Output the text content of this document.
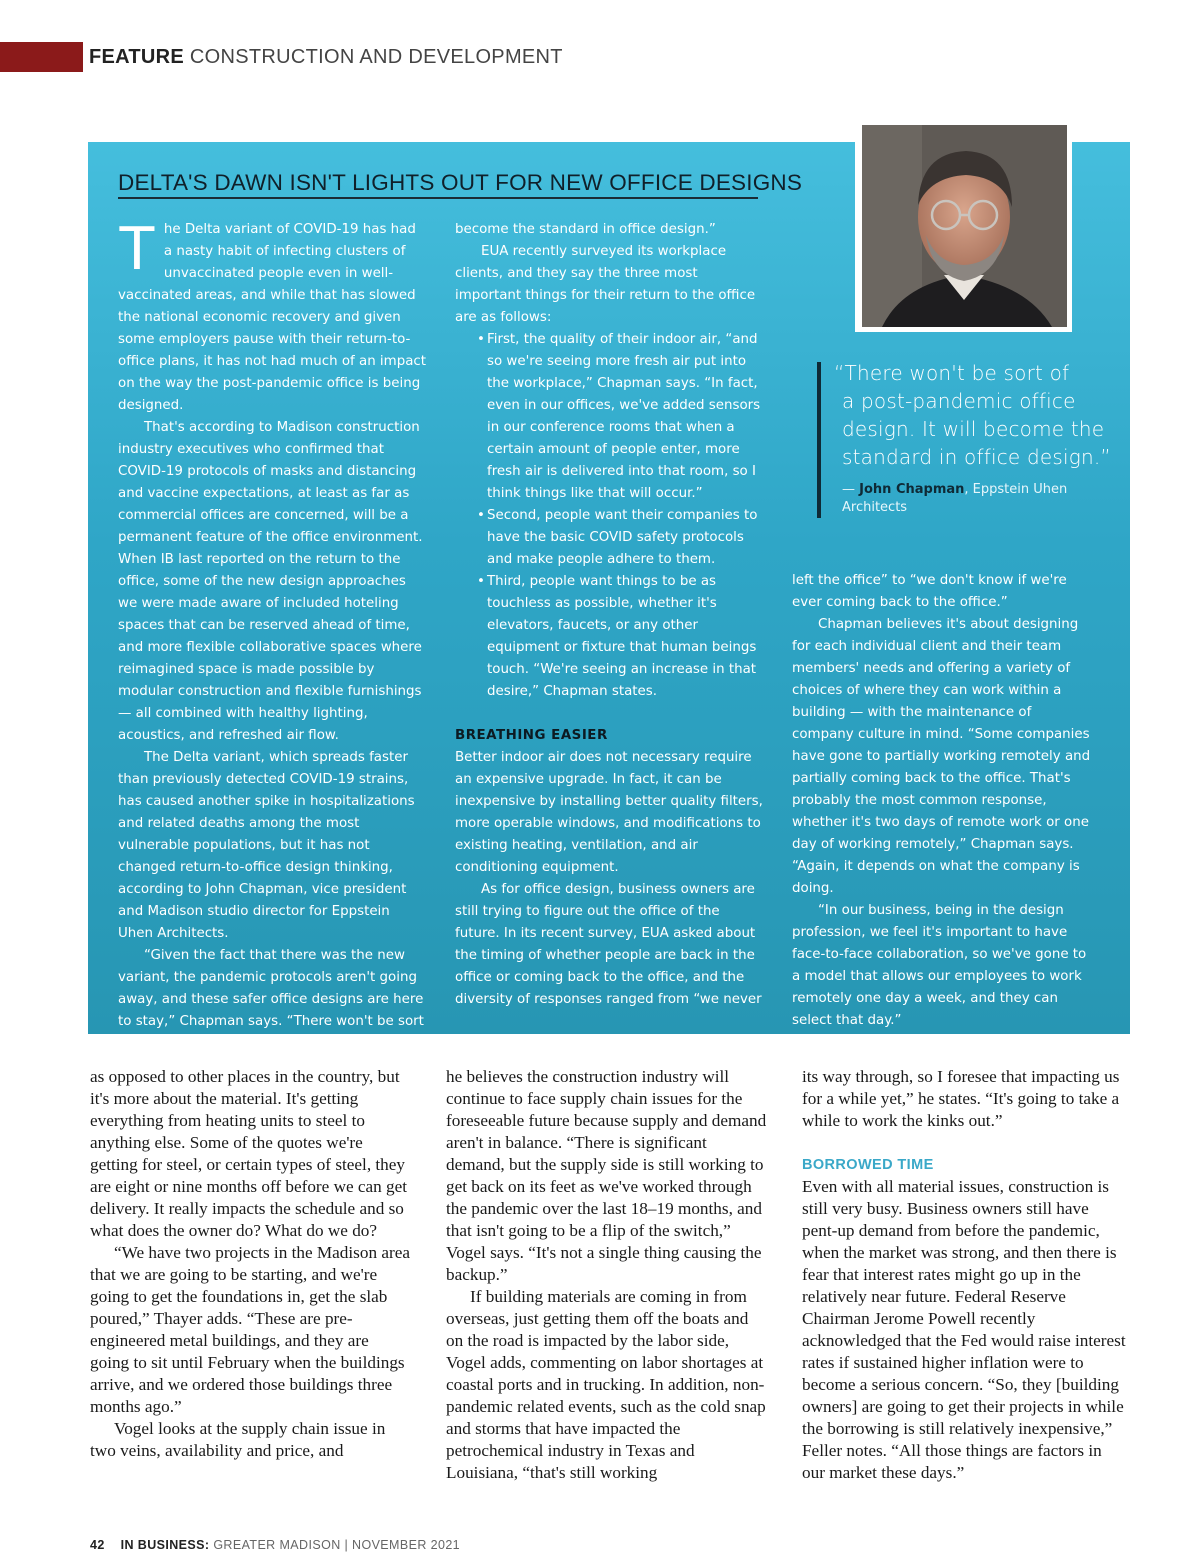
FEATURE CONSTRUCTION AND DEVELOPMENT
DELTA'S DAWN ISN'T LIGHTS OUT FOR NEW OFFICE DESIGNS

The Delta variant of COVID-19 has had a nasty habit of infecting clusters of unvaccinated people even in well-vaccinated areas, and while that has slowed the national economic recovery and given some employers pause with their return-to-office plans, it has not had much of an impact on the way the post-pandemic office is being designed.

That's according to Madison construction industry executives who confirmed that COVID-19 protocols of masks and distancing and vaccine expectations, at least as far as commercial offices are concerned, will be a permanent feature of the office environment. When IB last reported on the return to the office, some of the new design approaches we were made aware of included hoteling spaces that can be reserved ahead of time, and more flexible collaborative spaces where reimagined space is made possible by modular construction and flexible furnishings — all combined with healthy lighting, acoustics, and refreshed air flow.

The Delta variant, which spreads faster than previously detected COVID-19 strains, has caused another spike in hospitalizations and related deaths among the most vulnerable populations, but it has not changed return-to-office design thinking, according to John Chapman, vice president and Madison studio director for Eppstein Uhen Architects.

“Given the fact that there was the new variant, the pandemic protocols aren't going away, and these safer office designs are here to stay,” Chapman says. “There won't be sort of a post-pandemic office design. It will

become the standard in office design.”

EUA recently surveyed its workplace clients, and they say the three most important things for their return to the office are as follows:

• First, the quality of their indoor air, “and so we're seeing more fresh air put into the workplace,” Chapman says. “In fact, even in our offices, we've added sensors in our conference rooms that when a certain amount of people enter, more fresh air is delivered into that room, so I think things like that will occur.”
• Second, people want their companies to have the basic COVID safety protocols and make people adhere to them.
• Third, people want things to be as touchless as possible, whether it's elevators, faucets, or any other equipment or fixture that human beings touch. “We're seeing an increase in that desire,” Chapman states.
BREATHING EASIER

Better indoor air does not necessary require an expensive upgrade. In fact, it can be inexpensive by installing better quality filters, more operable windows, and modifications to existing heating, ventilation, and air conditioning equipment.

As for office design, business owners are still trying to figure out the office of the future. In its recent survey, EUA asked about the timing of whether people are back in the office or coming back to the office, and the diversity of responses ranged from “we never

“There won't be sort of
a post-pandemic office
design. It will become the
standard in office design.”
— John Chapman, Eppstein Uhen Architects

left the office” to “we don't know if we're ever coming back to the office.”

Chapman believes it's about designing for each individual client and their team members' needs and offering a variety of choices of where they can work within a building — with the maintenance of company culture in mind. “Some companies have gone to partially working remotely and partially coming back to the office. That's probably the most common response, whether it's two days of remote work or one day of working remotely,” Chapman says. “Again, it depends on what the company is doing.

“In our business, being in the design profession, we feel it's important to have face-to-face collaboration, so we've gone to a model that allows our employees to work remotely one day a week, and they can select that day.”

as opposed to other places in the country, but it's more about the material. It's getting everything from heating units to steel to anything else. Some of the quotes we're getting for steel, or certain types of steel, they are eight or nine months off before we can get delivery. It really impacts the schedule and so what does the owner do? What do we do?

“We have two projects in the Madison area that we are going to be starting, and we're going to get the foundations in, get the slab poured,” Thayer adds. “These are pre-engineered metal buildings, and they are going to sit until February when the buildings arrive, and we ordered those buildings three months ago.”

Vogel looks at the supply chain issue in two veins, availability and price, and

he believes the construction industry will continue to face supply chain issues for the foreseeable future because supply and demand aren't in balance. “There is significant demand, but the supply side is still working to get back on its feet as we've worked through the pandemic over the last 18–19 months, and that isn't going to be a flip of the switch,” Vogel says. “It's not a single thing causing the backup.”

If building materials are coming in from overseas, just getting them off the boats and on the road is impacted by the labor side, Vogel adds, commenting on labor shortages at coastal ports and in trucking. In addition, non-pandemic related events, such as the cold snap and storms that have impacted the petrochemical industry in Texas and Louisiana, “that's still working

its way through, so I foresee that impacting us for a while yet,” he states. “It's going to take a while to work the kinks out.”

BORROWED TIME

Even with all material issues, construction is still very busy. Business owners still have pent-up demand from before the pandemic, when the market was strong, and then there is fear that interest rates might go up in the relatively near future. Federal Reserve Chairman Jerome Powell recently acknowledged that the Fed would raise interest rates if sustained higher inflation were to become a serious concern. “So, they [building owners] are going to get their projects in while the borrowing is still relatively inexpensive,” Feller notes. “All those things are factors in our market these days.”

42 IN BUSINESS: GREATER MADISON | NOVEMBER 2021
